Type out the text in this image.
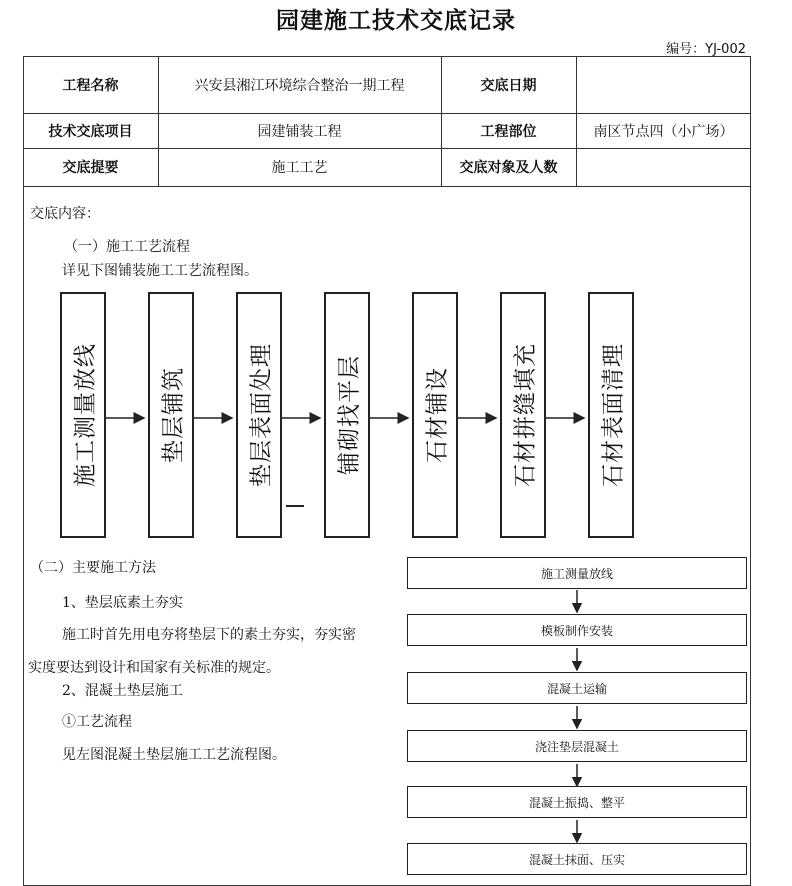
园建施工技术交底记录
编号：YJ-002
工程名称	兴安县湘江环境综合整治一期工程	交底日期
技术交底项目	园建铺装工程	工程部位	南区节点四（小广场）
交底提要	施工工艺	交底对象及人数
交底内容：
（一）施工工艺流程
详见下图铺装施工工艺流程图。
施工测量放线	垫层铺筑	垫层表面处理	铺砌找平层	石材铺设	石材拼缝填充	石材表面清理
（二）主要施工方法
1、垫层底素土夯实
施工时首先用电夯将垫层下的素土夯实，夯实密
实度要达到设计和国家有关标准的规定。
2、混凝土垫层施工
①工艺流程
见左图混凝土垫层施工工艺流程图。
施工测量放线
模板制作安装
混凝土运输
浇注垫层混凝土
混凝土振捣、整平
混凝土抹面、压实
